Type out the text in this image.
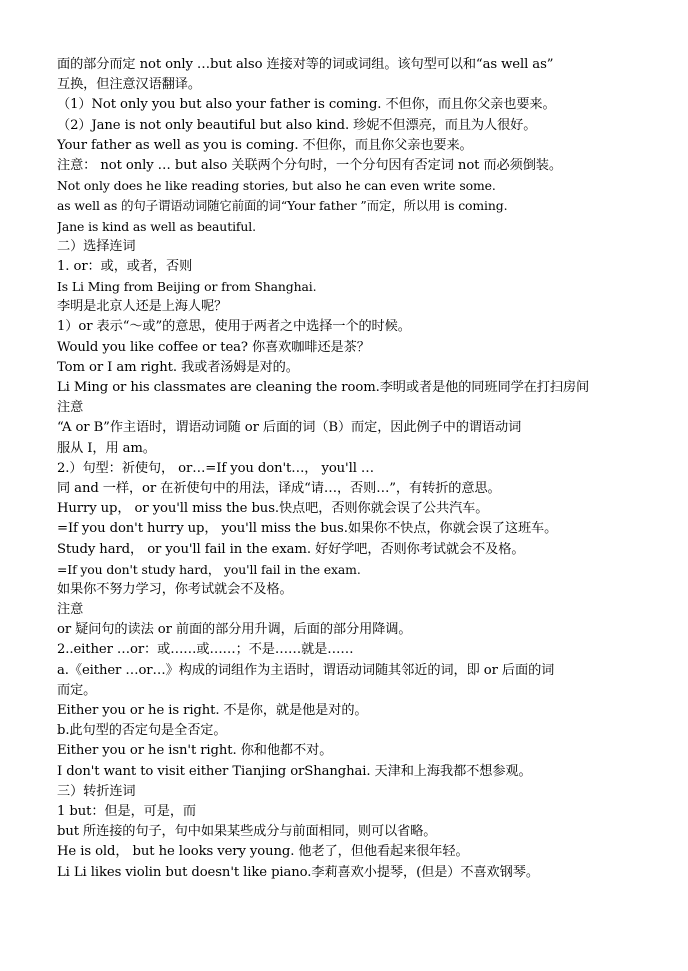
面的部分而定 not only …but also 连接对等的词或词组。该句型可以和“as well as”
互换，但注意汉语翻译。
（1）Not only you but also your father is coming. 不但你，而且你父亲也要来。
（2）Jane is not only beautiful but also kind. 珍妮不但漂亮，而且为人很好。
Your father as well as you is coming. 不但你，而且你父亲也要来。
注意： not only … but also 关联两个分句时，一个分句因有否定词 not 而必须倒装。
Not only does he like reading stories, but also he can even write some.
as well as 的句子谓语动词随它前面的词“Your father ”而定，所以用 is coming.
Jane is kind as well as beautiful.
二）选择连词
1. or：或，或者，否则
Is Li Ming from Beijing or from Shanghai.
李明是北京人还是上海人呢？
1）or 表示“～或”的意思，使用于两者之中选择一个的时候。
Would you like coffee or tea? 你喜欢咖啡还是茶？
Tom or I am right. 我或者汤姆是对的。
Li Ming or his classmates are cleaning the room.李明或者是他的同班同学在打扫房间
注意
“A or B”作主语时，谓语动词随 or 后面的词（B）而定，因此例子中的谓语动词
服从 I，用 am。
2.）句型：祈使句， or…=If you don't…， you'll …
同 and 一样，or 在祈使句中的用法，译成“请…，否则…”，有转折的意思。
Hurry up， or you'll miss the bus.快点吧，否则你就会误了公共汽车。
=If you don't hurry up， you'll miss the bus.如果你不快点，你就会误了这班车。
Study hard， or you'll fail in the exam. 好好学吧，否则你考试就会不及格。
=If you don't study hard， you'll fail in the exam.
如果你不努力学习，你考试就会不及格。
注意
or 疑问句的读法 or 前面的部分用升调，后面的部分用降调。
2..either …or：或……或……；不是……就是……
a.《either …or…》构成的词组作为主语时，谓语动词随其邻近的词，即 or 后面的词
而定。
Either you or he is right. 不是你，就是他是对的。
b.此句型的否定句是全否定。
Either you or he isn't right. 你和他都不对。
I don't want to visit either Tianjing orShanghai. 天津和上海我都不想参观。
三）转折连词
1 but：但是，可是，而
but 所连接的句子，句中如果某些成分与前面相同，则可以省略。
He is old， but he looks very young. 他老了，但他看起来很年轻。
Li Li likes violin but doesn't like piano.李莉喜欢小提琴，(但是）不喜欢钢琴。
